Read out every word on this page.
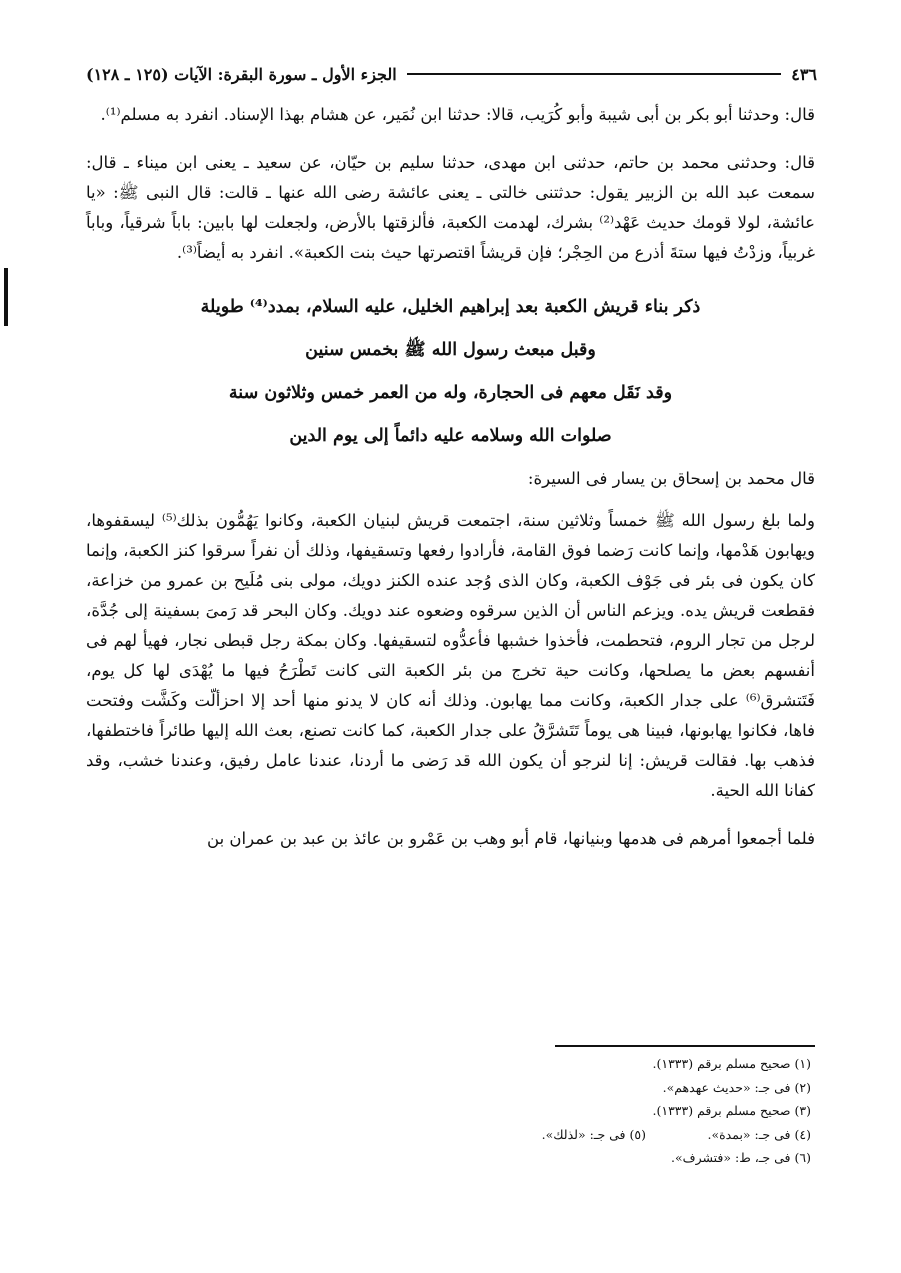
٤٣٦
الجزء الأول ـ سورة البقرة: الآيات (١٢٥ ـ ١٢٨)

قال: وحدثنا أبو بكر بن أبى شيبة وأبو كُرَيب، قالا: حدثنا ابن نُمَير، عن هشام بهذا الإسناد. انفرد به مسلم⁽¹⁾.

قال: وحدثنى محمد بن حاتم، حدثنى ابن مهدى، حدثنا سليم بن حيّان، عن سعيد ـ يعنى ابن ميناء ـ قال: سمعت عبد الله بن الزبير يقول: حدثتنى خالتى ـ يعنى عائشة رضى الله عنها ـ قالت: قال النبى ﷺ: «يا عائشة، لولا قومك حديث عَهْد⁽²⁾ بشرك، لهدمت الكعبة، فألزقتها بالأرض، ولجعلت لها بابين: باباً شرقياً، وباباً غربياً، وزدْتُ فيها ستةَ أذرع من الحِجْر؛ فإن قريشاً اقتصرتها حيث بنت الكعبة». انفرد به أيضاً⁽³⁾.

ذكر بناء قريش الكعبة بعد إبراهيم الخليل، عليه السلام، بمدد⁽⁴⁾ طويلة
وقبل مبعث رسول الله ﷺ بخمس سنين
وقد نَقَل معهم فى الحجارة، وله من العمر خمس وثلاثون سنة
صلوات الله وسلامه عليه دائماً إلى يوم الدين

قال محمد بن إسحاق بن يسار فى السيرة:

ولما بلغ رسول الله ﷺ خمساً وثلاثين سنة، اجتمعت قريش لبنيان الكعبة، وكانوا يَهُمُّون بذلك⁽⁵⁾ ليسقفوها، ويهابون هَدْمها، وإنما كانت رَضما فوق القامة، فأرادوا رفعها وتسقيفها، وذلك أن نفراً سرقوا كنز الكعبة، وإنما كان يكون فى بئر فى جَوْف الكعبة، وكان الذى وُجد عنده الكنز دويك، مولى بنى مُلَيح بن عمرو من خزاعة، فقطعت قريش يده. ويزعم الناس أن الذين سرقوه وضعوه عند دويك. وكان البحر قد رَمىَ بسفينة إلى جُدَّة، لرجل من تجار الروم، فتحطمت، فأخذوا خشبها فأعدُّوه لتسقيفها. وكان بمكة رجل قبطى نجار، فهيأ لهم فى أنفسهم بعض ما يصلحها، وكانت حية تخرج من بئر الكعبة التى كانت تَطْرَحُ فيها ما يُهْدَى لها كل يوم، فَتَتشرق⁽⁶⁾ على جدار الكعبة، وكانت مما يهابون. وذلك أنه كان لا يدنو منها أحد إلا احزألّت وكَشَّت وفتحت فاها، فكانوا يهابونها، فبينا هى يوماً تَتَشرَّقُ على جدار الكعبة، كما كانت تصنع، بعث الله إليها طائراً فاختطفها، فذهب بها. فقالت قريش: إنا لنرجو أن يكون الله قد رَضى ما أردنا، عندنا عامل رفيق، وعندنا خشب، وقد كفانا الله الحية.

فلما أجمعوا أمرهم فى هدمها وبنيانها، قام أبو وهب بن عَمْرو بن عائذ بن عبد بن عمران بن

(١) صحيح مسلم برقم (١٣٣٣).
(٢) فى جـ: «حديث عهدهم».
(٣) صحيح مسلم برقم (١٣٣٣).
(٤) فى جـ: «بمدة».
(٥) فى جـ: «لذلك».
(٦) فى جـ، ط: «فتشرف».
